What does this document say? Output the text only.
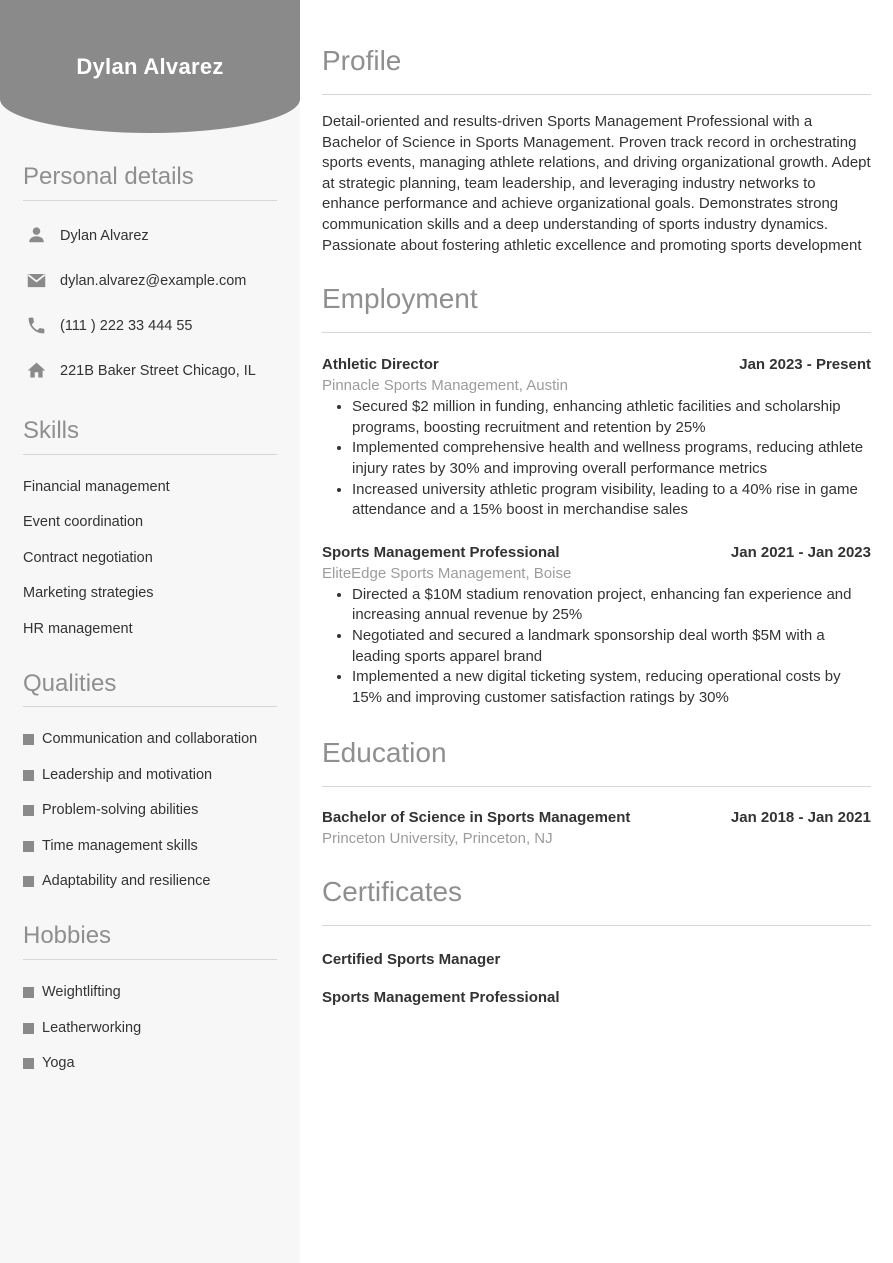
Dylan Alvarez
Personal details
Dylan Alvarez
dylan.alvarez@example.com
(111 ) 222 33 444 55
221B Baker Street Chicago, IL
Skills
Financial management
Event coordination
Contract negotiation
Marketing strategies
HR management
Qualities
Communication and collaboration
Leadership and motivation
Problem-solving abilities
Time management skills
Adaptability and resilience
Hobbies
Weightlifting
Leatherworking
Yoga
Profile

Detail-oriented and results-driven Sports Management Professional with a Bachelor of Science in Sports Management. Proven track record in orchestrating sports events, managing athlete relations, and driving organizational growth. Adept at strategic planning, team leadership, and leveraging industry networks to enhance performance and achieve organizational goals. Demonstrates strong communication skills and a deep understanding of sports industry dynamics. Passionate about fostering athletic excellence and promoting sports development

Employment
Athletic Director	Jan 2023 - Present
Pinnacle Sports Management, Austin
• Secured $2 million in funding, enhancing athletic facilities and scholarship programs, boosting recruitment and retention by 25%
• Implemented comprehensive health and wellness programs, reducing athlete injury rates by 30% and improving overall performance metrics
• Increased university athletic program visibility, leading to a 40% rise in game attendance and a 15% boost in merchandise sales
Sports Management Professional	Jan 2021 - Jan 2023
EliteEdge Sports Management, Boise
• Directed a $10M stadium renovation project, enhancing fan experience and increasing annual revenue by 25%
• Negotiated and secured a landmark sponsorship deal worth $5M with a leading sports apparel brand
• Implemented a new digital ticketing system, reducing operational costs by 15% and improving customer satisfaction ratings by 30%
Education
Bachelor of Science in Sports Management	Jan 2018 - Jan 2021
Princeton University, Princeton, NJ
Certificates
Certified Sports Manager
Sports Management Professional
